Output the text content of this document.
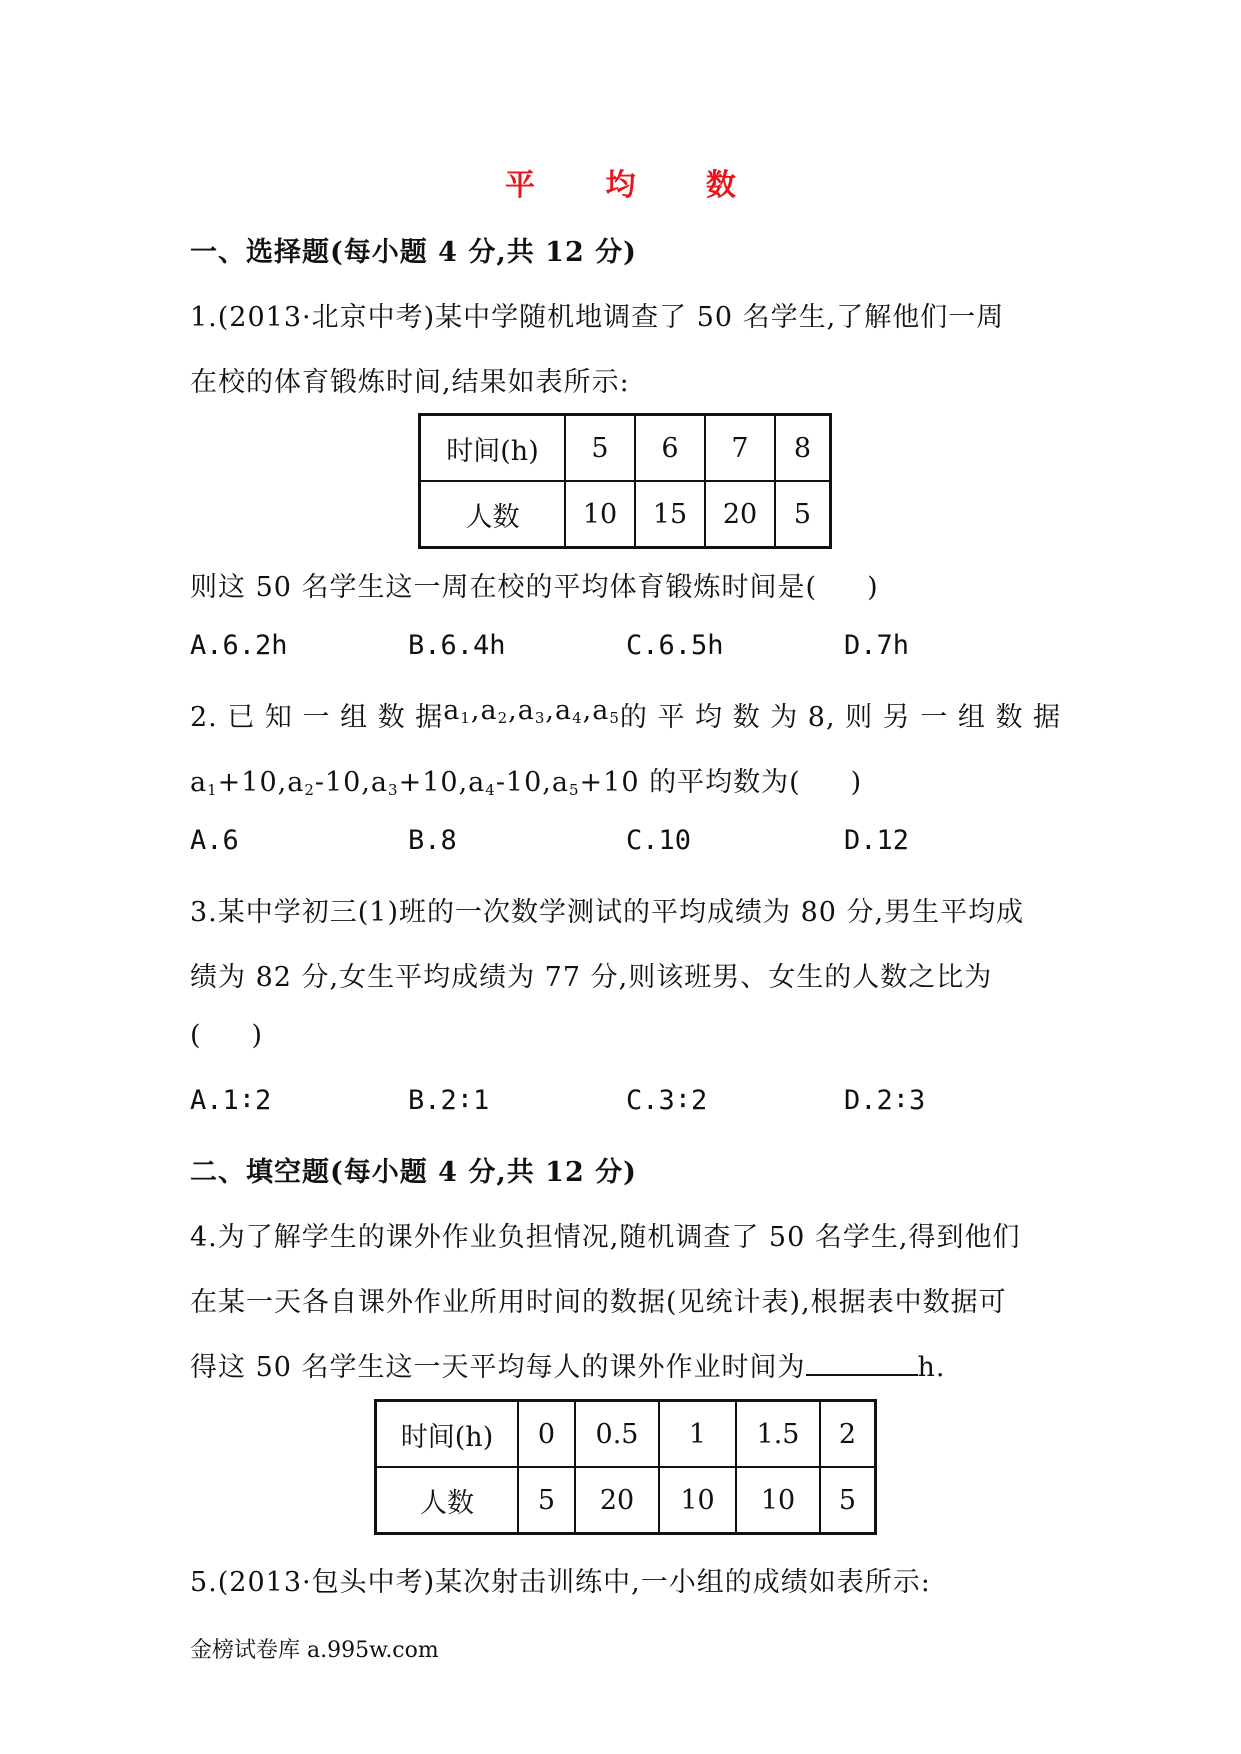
平 均 数
一、选择题(每小题 4 分,共 12 分)
1.(2013·北京中考)某中学随机地调查了 50 名学生,了解他们一周
在校的体育锻炼时间,结果如表所示:
时间(h)	5	6	7	8
人数	10	15	20	5
则这 50 名学生这一周在校的平均体育锻炼时间是( )
A.6.2h	B.6.4h	C.6.5h	D.7h
2. 已 知 一 组 数 据 $a_1,a_2,a_3,a_4,a_5$ 的 平 均 数 为 8, 则 另 一 组 数 据
$a_1+10,a_2-10,a_3+10,a_4-10,a_5+10$ 的平均数为( )
A.6	B.8	C.10	D.12
3.某中学初三(1)班的一次数学测试的平均成绩为 80 分,男生平均成
绩为 82 分,女生平均成绩为 77 分,则该班男、女生的人数之比为
( )
A.1∶2	B.2∶1	C.3∶2	D.2∶3
二、填空题(每小题 4 分,共 12 分)
4.为了解学生的课外作业负担情况,随机调查了 50 名学生,得到他们
在某一天各自课外作业所用时间的数据(见统计表),根据表中数据可
得这 50 名学生这一天平均每人的课外作业时间为	h.
时间(h)	0	0.5	1	1.5	2
人数	5	20	10	10	5
5.(2013·包头中考)某次射击训练中,一小组的成绩如表所示:
金榜试卷库 a.995w.com
